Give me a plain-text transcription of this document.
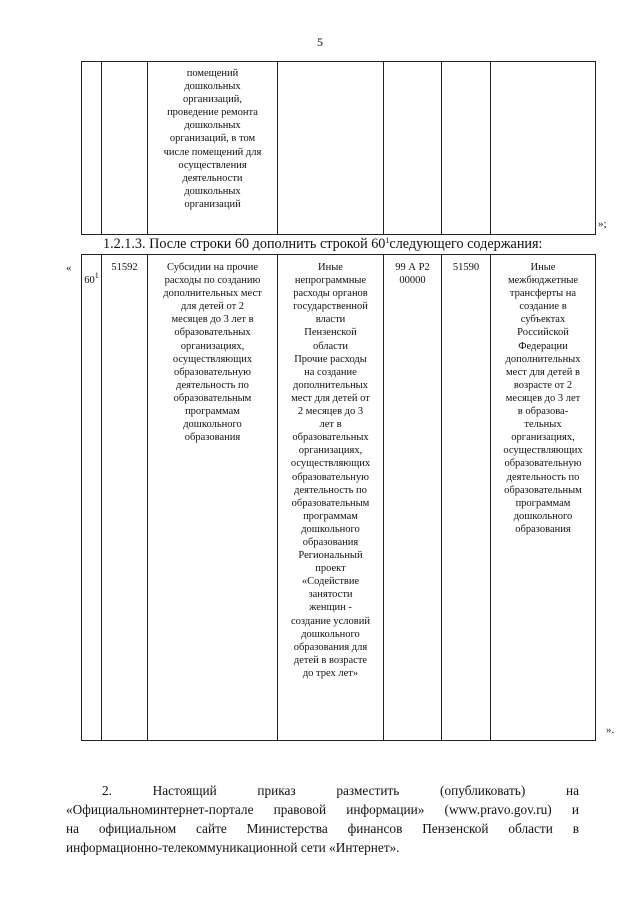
5
помещений
дошкольных
организаций,
проведение ремонта
дошкольных
организаций, в том
числе помещений для
осуществления
деятельности
дошкольных
организаций
»;
1.2.1.3. После строки 60 дополнить строкой $60^1следующего$ содержания:
«

$60^1$

51592	Субсидии на прочие
расходы по созданию
дополнительных мест
для детей от 2
месяцев до 3 лет в
образовательных
организациях,
осуществляющих
образовательную
деятельность по
образовательным
программам
дошкольного
образования
Иные
непрограммные
расходы органов
государственной
власти
Пензенской
области
Прочие расходы
на создание
дополнительных
мест для детей от
2 месяцев до 3
лет в
образовательных
организациях,
осуществляющих
образовательную
деятельность по
образовательным
программам
дошкольного
образования
Региональный
проект
«Содействие
занятости
женщин -
создание условий
дошкольного
образования для
детей в возрасте
до трех лет»
99 А Р2
00000
51590	Иные
межбюджетные
трансферты на
создание в
субъектах
Российской
Федерации
дополнительных
мест для детей в
возрасте от 2
месяцев до 3 лет
в образова-
тельных
организациях,
осуществляющих
образовательную
деятельность по
образовательным
программам
дошкольного
образования
».
2. Настоящий приказ разместить (опубликовать) на
«Официальноминтернет-портале правовой информации» (www.pravo.gov.ru) и
на официальном сайте Министерства финансов Пензенской области в
информационно-телекоммуникационной сети «Интернет».
